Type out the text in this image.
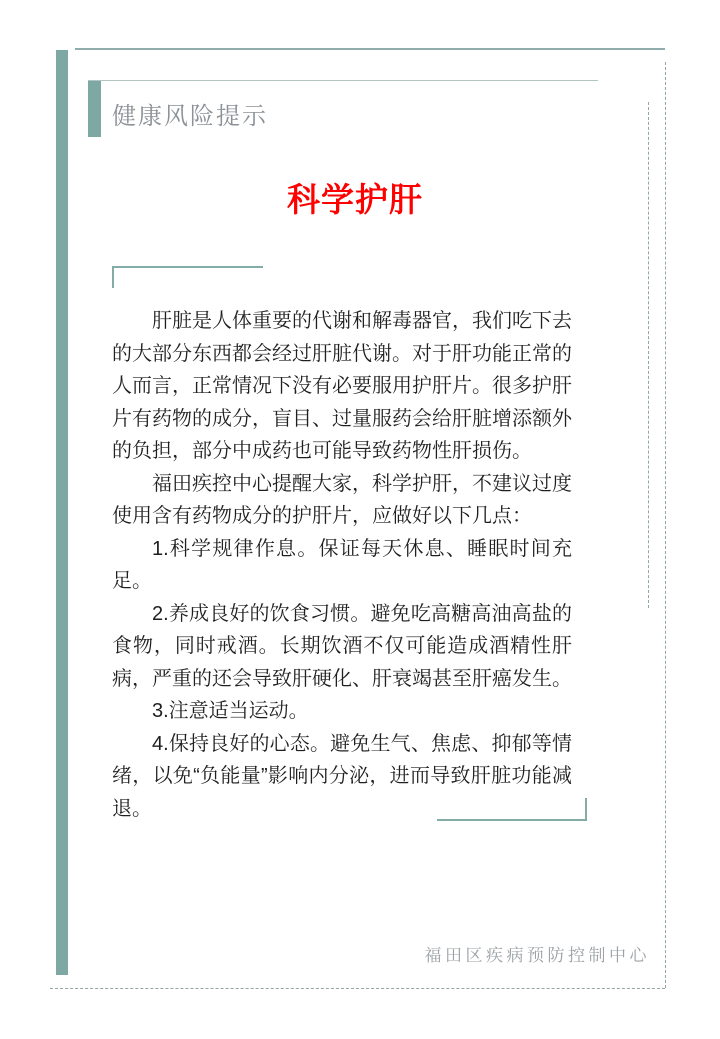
健康风险提示
科学护肝

肝脏是人体重要的代谢和解毒器官，我们吃下去的大部分东西都会经过肝脏代谢。对于肝功能正常的人而言，正常情况下没有必要服用护肝片。很多护肝片有药物的成分，盲目、过量服药会给肝脏增添额外的负担，部分中成药也可能导致药物性肝损伤。

福田疾控中心提醒大家，科学护肝，不建议过度使用含有药物成分的护肝片，应做好以下几点：

1.科学规律作息。保证每天休息、睡眠时间充足。

2.养成良好的饮食习惯。避免吃高糖高油高盐的食物，同时戒酒。长期饮酒不仅可能造成酒精性肝病，严重的还会导致肝硬化、肝衰竭甚至肝癌发生。

3.注意适当运动。

4.保持良好的心态。避免生气、焦虑、抑郁等情绪，以免“负能量”影响内分泌，进而导致肝脏功能减退。

福田区疾病预防控制中心
